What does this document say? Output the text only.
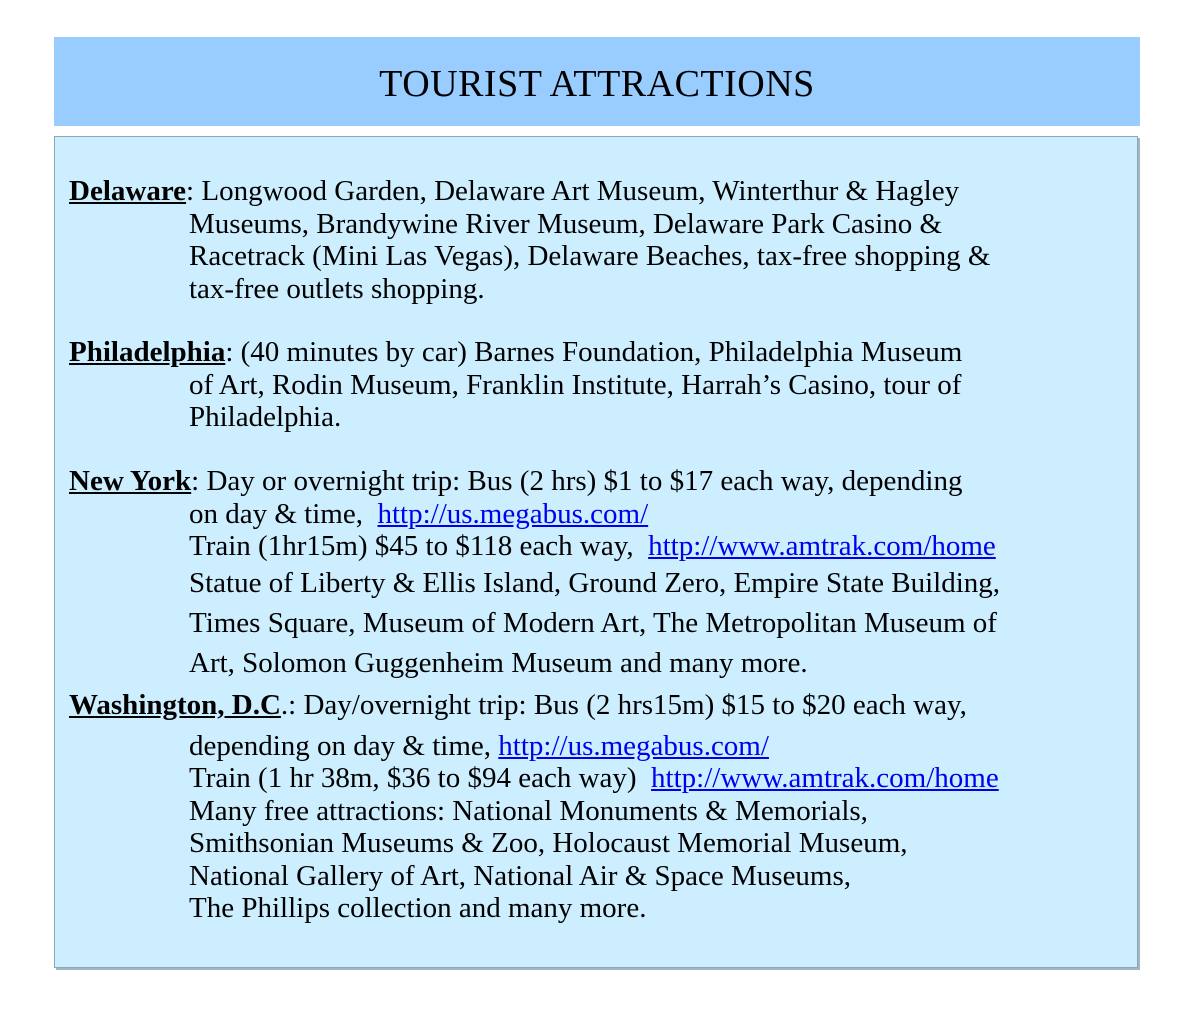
TOURIST ATTRACTIONS
Delaware: Longwood Garden, Delaware Art Museum, Winterthur & Hagley
Museums, Brandywine River Museum, Delaware Park Casino &
Racetrack (Mini Las Vegas), Delaware Beaches, tax-free shopping &
tax-free outlets shopping.
Philadelphia: (40 minutes by car) Barnes Foundation, Philadelphia Museum
of Art, Rodin Museum, Franklin Institute, Harrah’s Casino, tour of
Philadelphia.
New York: Day or overnight trip: Bus (2 hrs) $1 to $17 each way, depending
on day & time,  http://us.megabus.com/
Train (1hr15m) $45 to $118 each way,  http://www.amtrak.com/home
Statue of Liberty & Ellis Island, Ground Zero, Empire State Building,
Times Square, Museum of Modern Art, The Metropolitan Museum of
Art, Solomon Guggenheim Museum and many more.
Washington, D.C.: Day/overnight trip: Bus (2 hrs15m) $15 to $20 each way,
depending on day & time, http://us.megabus.com/
Train (1 hr 38m, $36 to $94 each way)  http://www.amtrak.com/home
Many free attractions: National Monuments & Memorials,
Smithsonian Museums & Zoo, Holocaust Memorial Museum,
National Gallery of Art, National Air & Space Museums,
The Phillips collection and many more.
